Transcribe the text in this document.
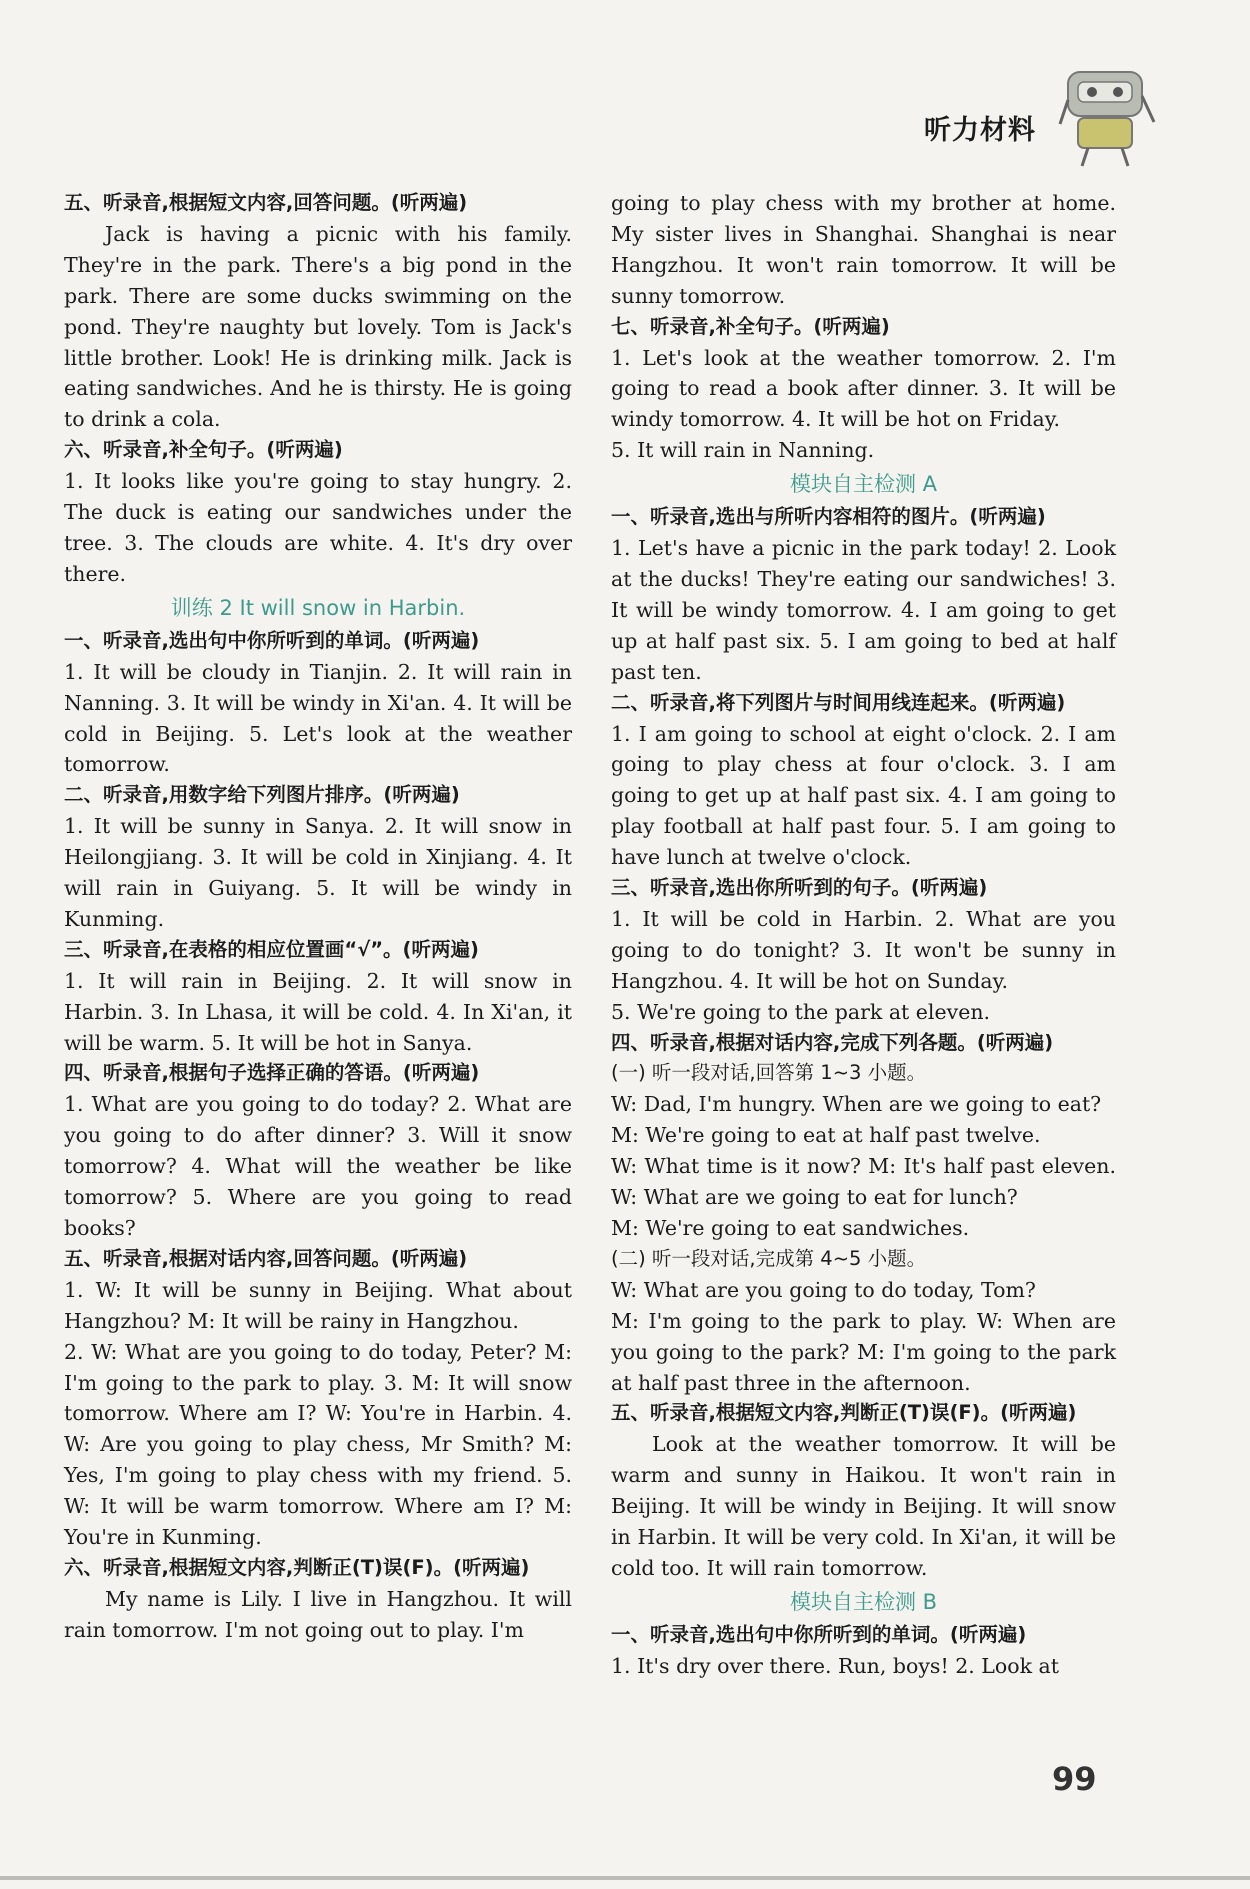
听力材料

五、听录音,根据短文内容,回答问题。(听两遍)

Jack is having a picnic with his family. They're in the park. There's a big pond in the park. There are some ducks swimming on the pond. They're naughty but lovely. Tom is Jack's little brother. Look! He is drinking milk. Jack is eating sandwiches. And he is thirsty. He is going to drink a cola.

六、听录音,补全句子。(听两遍)

1. It looks like you're going to stay hungry. 2. The duck is eating our sandwiches under the tree. 3. The clouds are white. 4. It's dry over there.

训练 2 It will snow in Harbin.

一、听录音,选出句中你所听到的单词。(听两遍)

1. It will be cloudy in Tianjin. 2. It will rain in Nanning. 3. It will be windy in Xi'an. 4. It will be cold in Beijing. 5. Let's look at the weather tomorrow.

二、听录音,用数字给下列图片排序。(听两遍)

1. It will be sunny in Sanya. 2. It will snow in Heilongjiang. 3. It will be cold in Xinjiang. 4. It will rain in Guiyang. 5. It will be windy in Kunming.

三、听录音,在表格的相应位置画“√”。(听两遍)

1. It will rain in Beijing. 2. It will snow in Harbin. 3. In Lhasa, it will be cold. 4. In Xi'an, it will be warm. 5. It will be hot in Sanya.

四、听录音,根据句子选择正确的答语。(听两遍)

1. What are you going to do today? 2. What are you going to do after dinner? 3. Will it snow tomorrow? 4. What will the weather be like tomorrow? 5. Where are you going to read books?

五、听录音,根据对话内容,回答问题。(听两遍)

1. W: It will be sunny in Beijing. What about Hangzhou? M: It will be rainy in Hangzhou.

2. W: What are you going to do today, Peter? M: I'm going to the park to play. 3. M: It will snow tomorrow. Where am I? W: You're in Harbin. 4. W: Are you going to play chess, Mr Smith? M: Yes, I'm going to play chess with my friend. 5. W: It will be warm tomorrow. Where am I? M: You're in Kunming.

六、听录音,根据短文内容,判断正(T)误(F)。(听两遍)

My name is Lily. I live in Hangzhou. It will rain tomorrow. I'm not going out to play. I'm

going to play chess with my brother at home. My sister lives in Shanghai. Shanghai is near Hangzhou. It won't rain tomorrow. It will be sunny tomorrow.

七、听录音,补全句子。(听两遍)

1. Let's look at the weather tomorrow. 2. I'm going to read a book after dinner. 3. It will be windy tomorrow. 4. It will be hot on Friday.

5. It will rain in Nanning.

模块自主检测 A

一、听录音,选出与所听内容相符的图片。(听两遍)

1. Let's have a picnic in the park today! 2. Look at the ducks! They're eating our sandwiches! 3. It will be windy tomorrow. 4. I am going to get up at half past six. 5. I am going to bed at half past ten.

二、听录音,将下列图片与时间用线连起来。(听两遍)

1. I am going to school at eight o'clock. 2. I am going to play chess at four o'clock. 3. I am going to get up at half past six. 4. I am going to play football at half past four. 5. I am going to have lunch at twelve o'clock.

三、听录音,选出你所听到的句子。(听两遍)

1. It will be cold in Harbin. 2. What are you going to do tonight? 3. It won't be sunny in Hangzhou. 4. It will be hot on Sunday.

5. We're going to the park at eleven.

四、听录音,根据对话内容,完成下列各题。(听两遍)

(一) 听一段对话,回答第 1~3 小题。

W: Dad, I'm hungry. When are we going to eat?

M: We're going to eat at half past twelve.

W: What time is it now? M: It's half past eleven. W: What are we going to eat for lunch?

M: We're going to eat sandwiches.

(二) 听一段对话,完成第 4~5 小题。

W: What are you going to do today, Tom?

M: I'm going to the park to play. W: When are you going to the park? M: I'm going to the park at half past three in the afternoon.

五、听录音,根据短文内容,判断正(T)误(F)。(听两遍)

Look at the weather tomorrow. It will be warm and sunny in Haikou. It won't rain in Beijing. It will be windy in Beijing. It will snow in Harbin. It will be very cold. In Xi'an, it will be cold too. It will rain tomorrow.

模块自主检测 B

一、听录音,选出句中你所听到的单词。(听两遍)

1. It's dry over there. Run, boys! 2. Look at

99
